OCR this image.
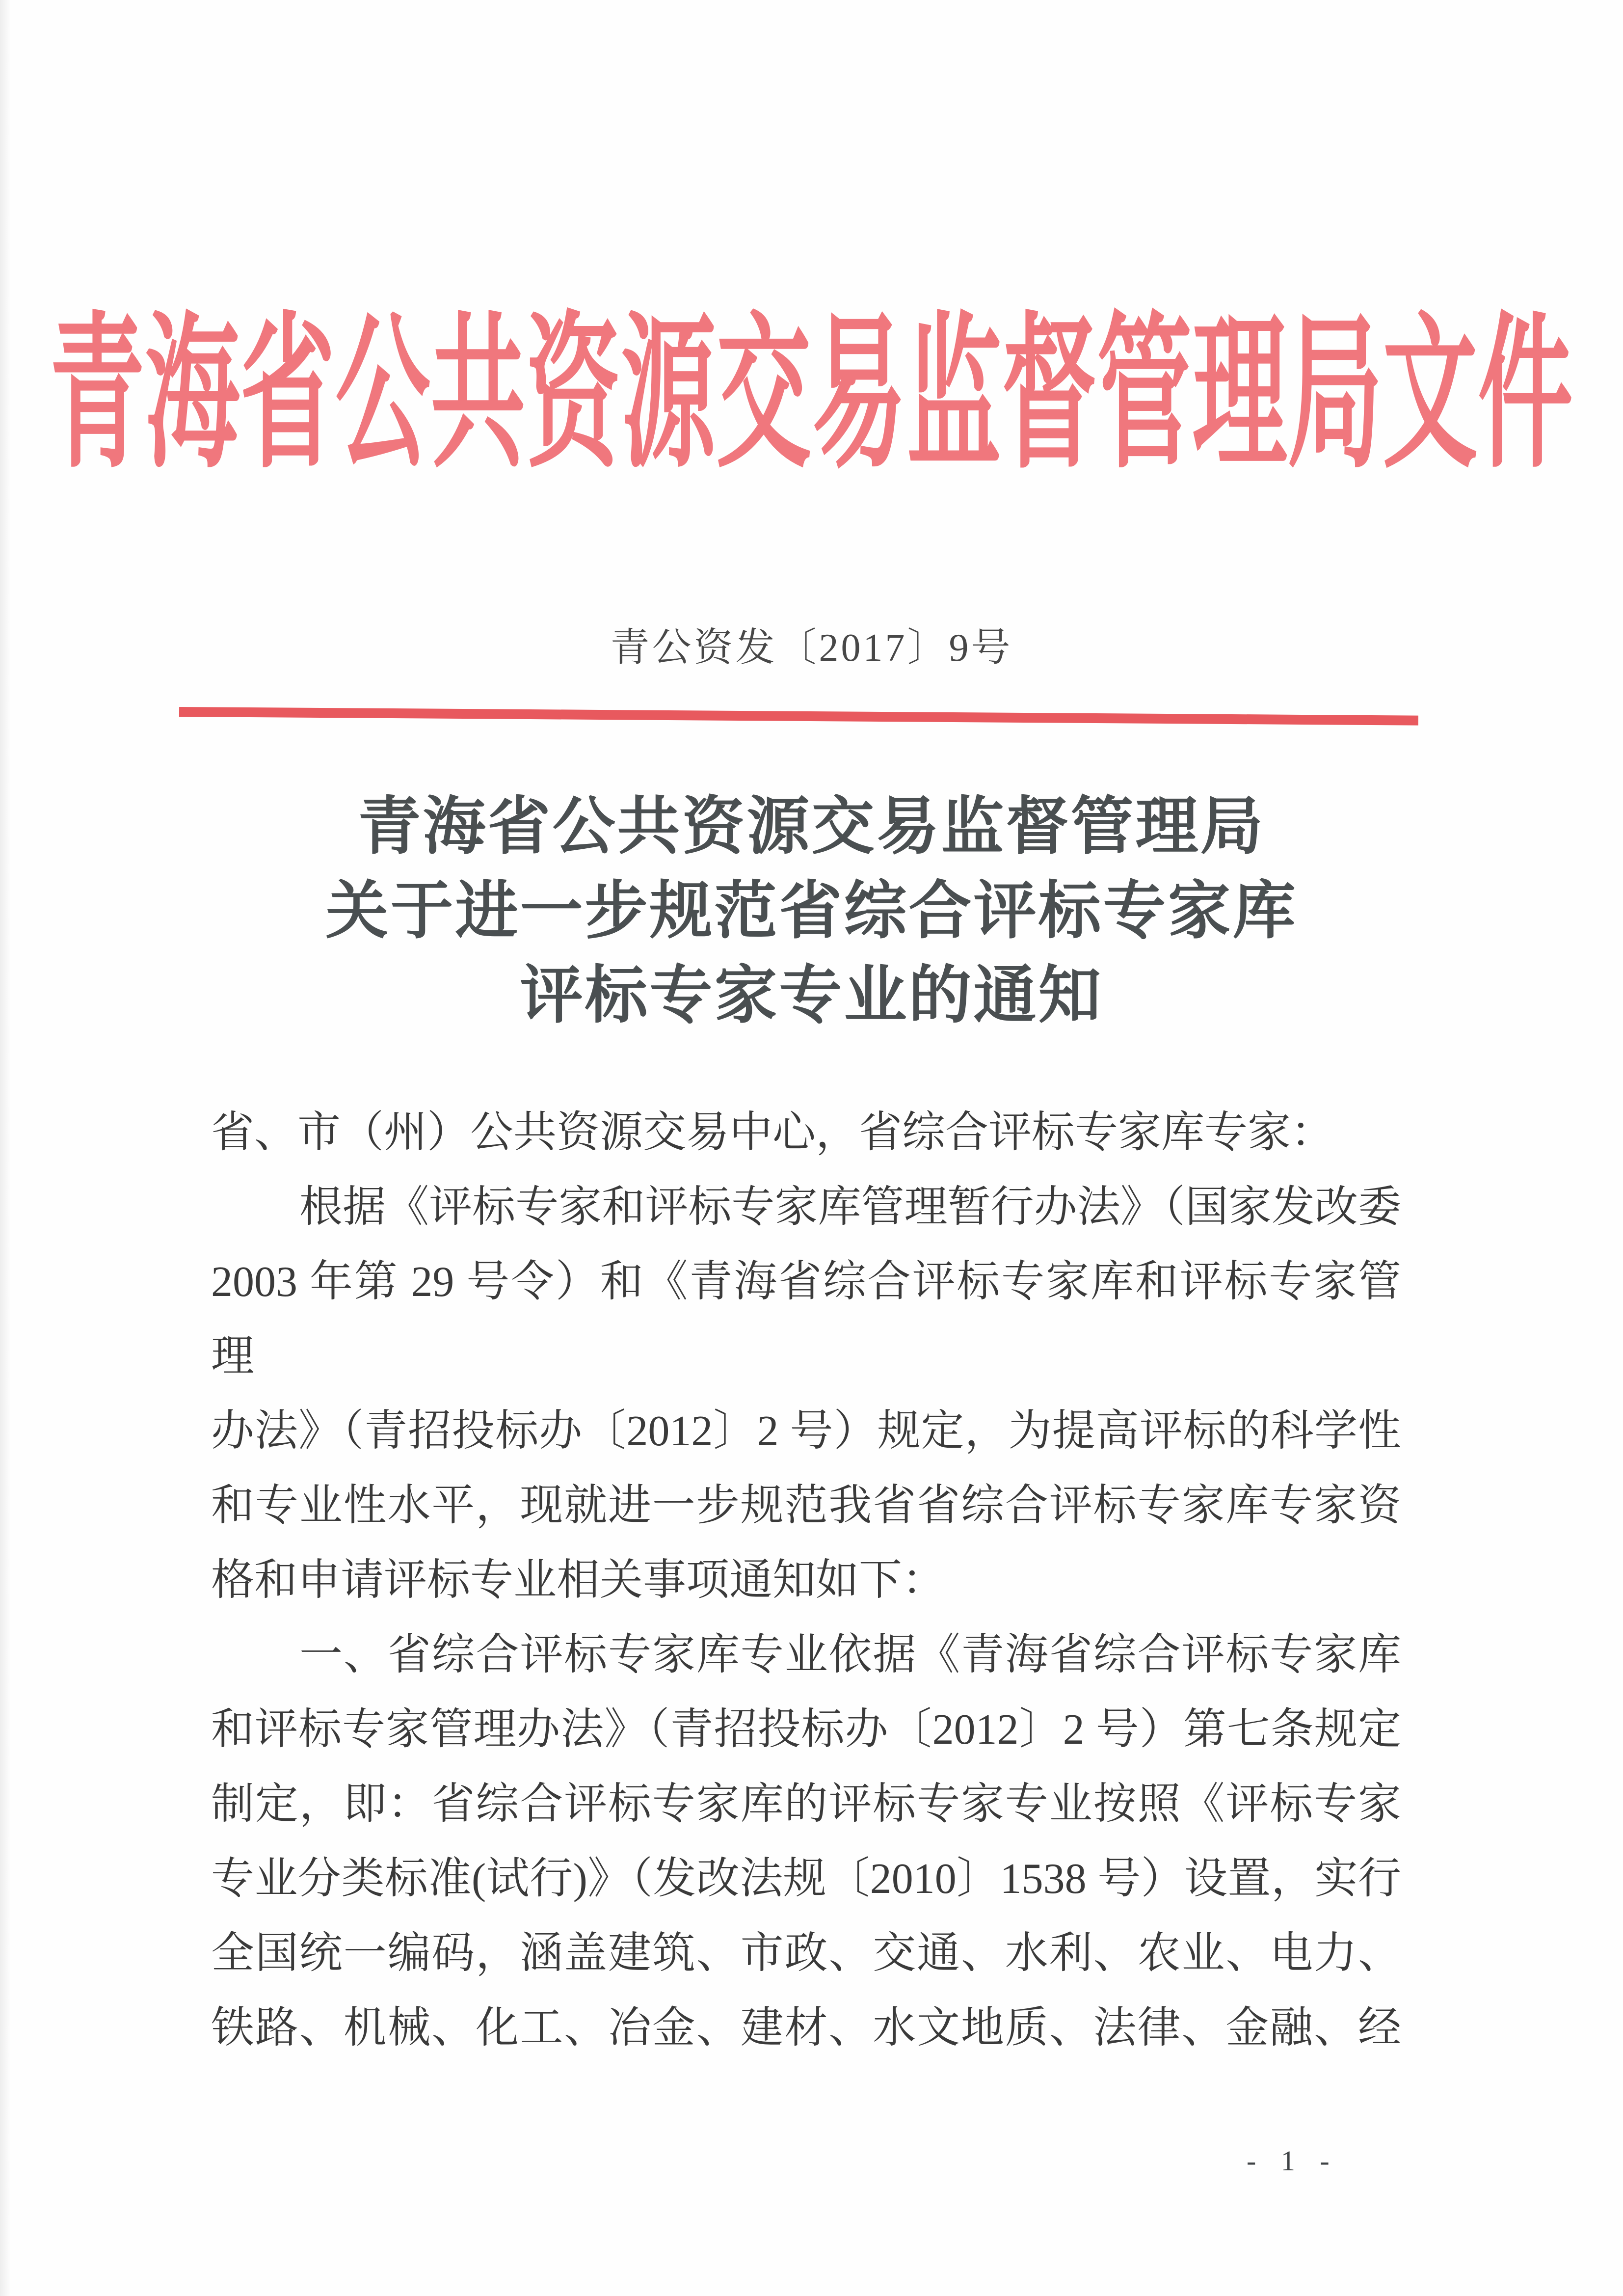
青海省公共资源交易监督管理局文件
青公资发〔2017〕9号
青海省公共资源交易监督管理局
关于进一步规范省综合评标专家库
评标专家专业的通知
省、市（州）公共资源交易中心，省综合评标专家库专家：
根据《评标专家和评标专家库管理暂行办法》（国家发改委
2003 年第 29 号令）和《青海省综合评标专家库和评标专家管理
办法》（青招投标办〔2012〕2 号）规定，为提高评标的科学性
和专业性水平，现就进一步规范我省省综合评标专家库专家资
格和申请评标专业相关事项通知如下：
一、省综合评标专家库专业依据《青海省综合评标专家库
和评标专家管理办法》（青招投标办〔2012〕2 号）第七条规定
制定，即：省综合评标专家库的评标专家专业按照《评标专家
专业分类标准(试行)》（发改法规〔2010〕1538 号）设置，实行
全国统一编码，涵盖建筑、市政、交通、水利、农业、电力、
铁路、机械、化工、冶金、建材、水文地质、法律、金融、经
- 1 -
